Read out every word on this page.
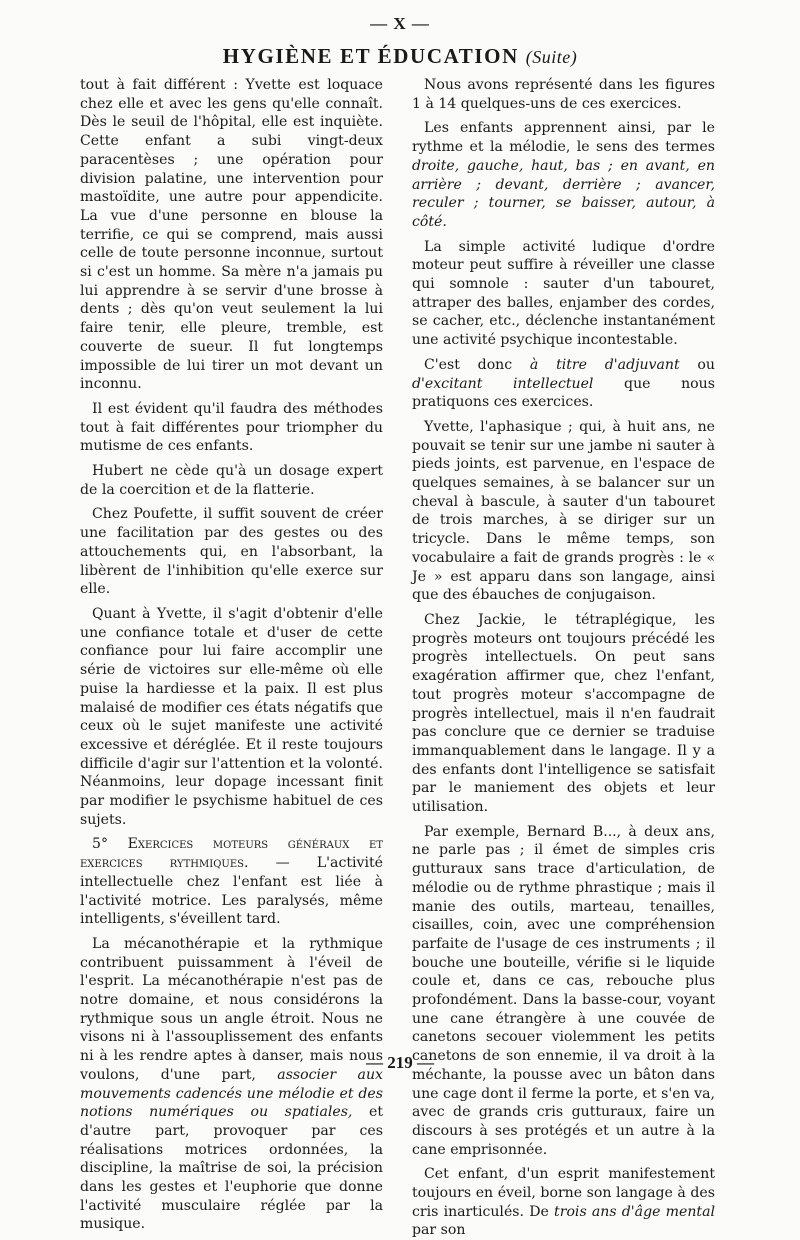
— X —
HYGIÈNE ET ÉDUCATION (Suite)

tout à fait différent : Yvette est loquace chez elle et avec les gens qu'elle connaît. Dès le seuil de l'hôpital, elle est inquiète. Cette enfant a subi vingt-deux paracentèses ; une opération pour division palatine, une intervention pour mastoïdite, une autre pour appendicite. La vue d'une personne en blouse la terrifie, ce qui se comprend, mais aussi celle de toute personne inconnue, surtout si c'est un homme. Sa mère n'a jamais pu lui apprendre à se servir d'une brosse à dents ; dès qu'on veut seulement la lui faire tenir, elle pleure, tremble, est couverte de sueur. Il fut longtemps impossible de lui tirer un mot devant un inconnu.

Il est évident qu'il faudra des méthodes tout à fait différentes pour triompher du mutisme de ces enfants.

Hubert ne cède qu'à un dosage expert de la coercition et de la flatterie.

Chez Poufette, il suffit souvent de créer une facilitation par des gestes ou des attouchements qui, en l'absorbant, la libèrent de l'inhibition qu'elle exerce sur elle.

Quant à Yvette, il s'agit d'obtenir d'elle une confiance totale et d'user de cette confiance pour lui faire accomplir une série de victoires sur elle-même où elle puise la hardiesse et la paix. Il est plus malaisé de modifier ces états négatifs que ceux où le sujet manifeste une activité excessive et déréglée. Et il reste toujours difficile d'agir sur l'attention et la volonté. Néanmoins, leur dopage incessant finit par modifier le psychisme habituel de ces sujets.

5° Exercices moteurs généraux et exercices rythmiques. — L'activité intellectuelle chez l'enfant est liée à l'activité motrice. Les paralysés, même intelligents, s'éveillent tard.

La mécanothérapie et la rythmique contribuent puissamment à l'éveil de l'esprit. La mécanothérapie n'est pas de notre domaine, et nous considérons la rythmique sous un angle étroit. Nous ne visons ni à l'assouplissement des enfants ni à les rendre aptes à danser, mais nous voulons, d'une part, associer aux mouvements cadencés une mélodie et des notions numériques ou spatiales, et d'autre part, provoquer par ces réalisations motrices ordonnées, la discipline, la maîtrise de soi, la précision dans les gestes et l'euphorie que donne l'activité musculaire réglée par la musique.

Nous avons représenté dans les figures 1 à 14 quelques-uns de ces exercices.

Les enfants apprennent ainsi, par le rythme et la mélodie, le sens des termes droite, gauche, haut, bas ; en avant, en arrière ; devant, derrière ; avancer, reculer ; tourner, se baisser, autour, à côté.

La simple activité ludique d'ordre moteur peut suffire à réveiller une classe qui somnole : sauter d'un tabouret, attraper des balles, enjamber des cordes, se cacher, etc., déclenche instantanément une activité psychique incontestable.

C'est donc à titre d'adjuvant ou d'excitant intellectuel que nous pratiquons ces exercices.

Yvette, l'aphasique ; qui, à huit ans, ne pouvait se tenir sur une jambe ni sauter à pieds joints, est parvenue, en l'espace de quelques semaines, à se balancer sur un cheval à bascule, à sauter d'un tabouret de trois marches, à se diriger sur un tricycle. Dans le même temps, son vocabulaire a fait de grands progrès : le « Je » est apparu dans son langage, ainsi que des ébauches de conjugaison.

Chez Jackie, le tétraplégique, les progrès moteurs ont toujours précédé les progrès intellectuels. On peut sans exagération affirmer que, chez l'enfant, tout progrès moteur s'accompagne de progrès intellectuel, mais il n'en faudrait pas conclure que ce dernier se traduise immanquablement dans le langage. Il y a des enfants dont l'intelligence se satisfait par le maniement des objets et leur utilisation.

Par exemple, Bernard B..., à deux ans, ne parle pas ; il émet de simples cris gutturaux sans trace d'articulation, de mélodie ou de rythme phrastique ; mais il manie des outils, marteau, tenailles, cisailles, coin, avec une compréhension parfaite de l'usage de ces instruments ; il bouche une bouteille, vérifie si le liquide coule et, dans ce cas, rebouche plus profondément. Dans la basse-cour, voyant une cane étrangère à une couvée de canetons secouer violemment les petits canetons de son ennemie, il va droit à la méchante, la pousse avec un bâton dans une cage dont il ferme la porte, et s'en va, avec de grands cris gutturaux, faire un discours à ses protégés et un autre à la cane emprisonnée.

Cet enfant, d'un esprit manifestement toujours en éveil, borne son langage à des cris inarticulés. De trois ans d'âge mental par son

— 219 —
